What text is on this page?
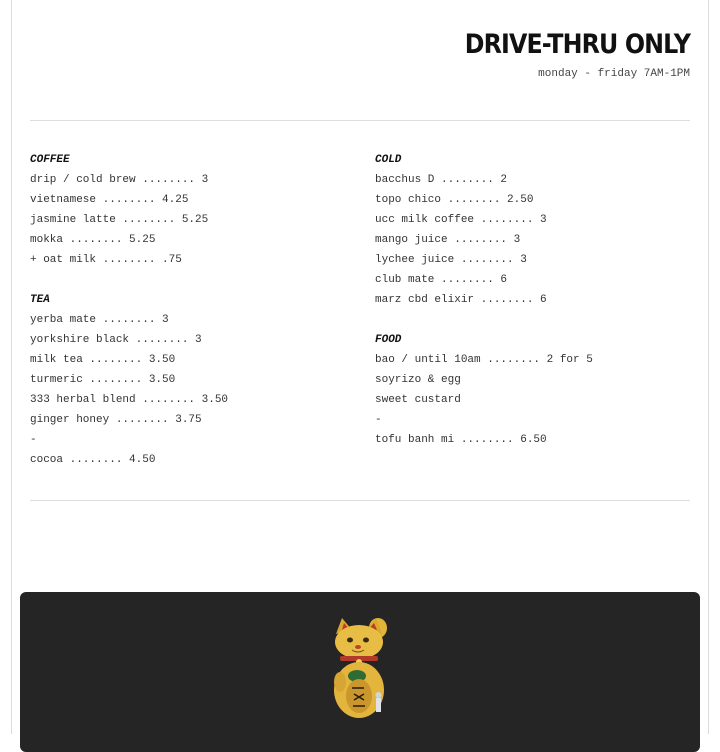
DRIVE-THRU ONLY
monday - friday 7AM-1PM
COFFEE
drip / cold brew ........ 3
vietnamese ........ 4.25
jasmine latte ........ 5.25
mokka ........ 5.25
+ oat milk ........ .75
TEA
yerba mate ........ 3
yorkshire black ........ 3
milk tea ........ 3.50
turmeric ........ 3.50
333 herbal blend ........ 3.50
ginger honey ........ 3.75
-
cocoa ........ 4.50
COLD
bacchus D ........ 2
topo chico ........ 2.50
ucc milk coffee ........ 3
mango juice ........ 3
lychee juice ........ 3
club mate ........ 6
marz cbd elixir ........ 6
FOOD
bao / until 10am ........ 2 for 5
soyrizo & egg
sweet custard
-
tofu banh mi ........ 6.50
